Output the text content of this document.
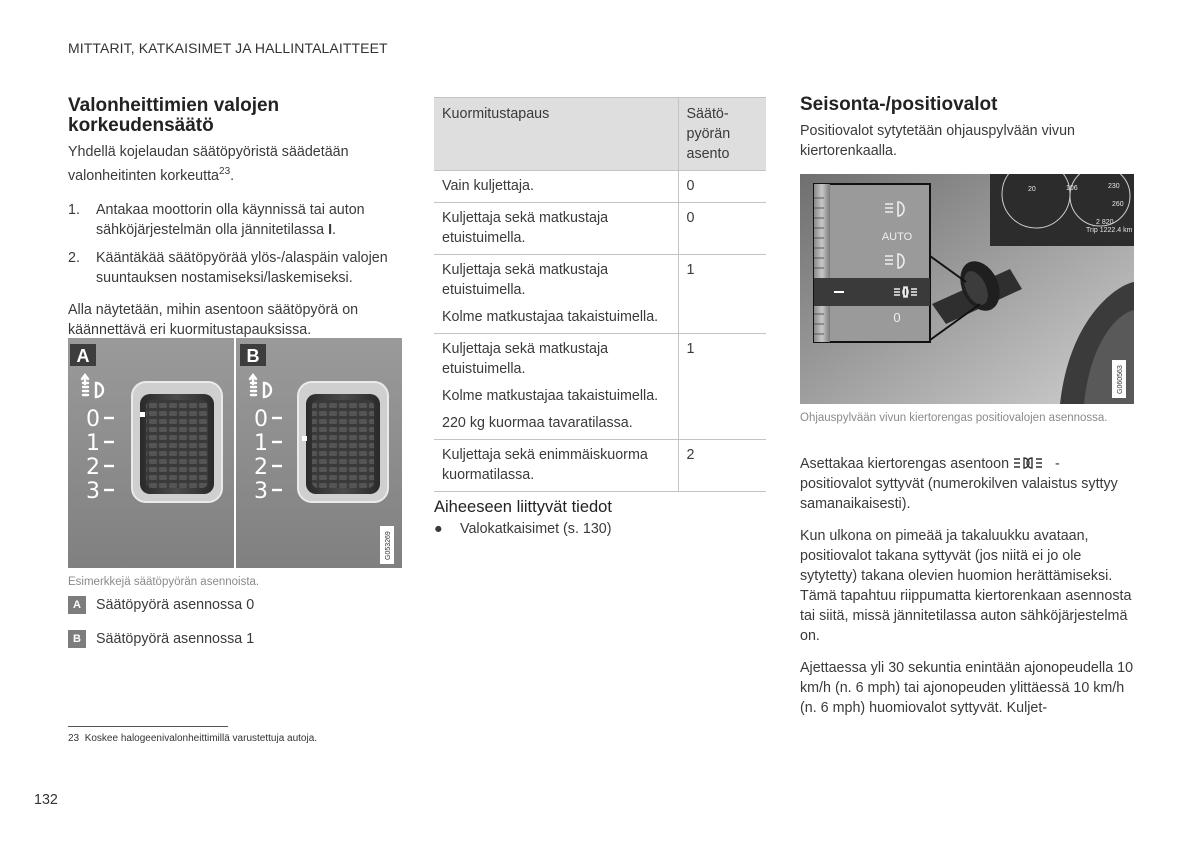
MITTARIT, KATKAISIMET JA HALLINTALAITTEET
Valonheittimien valojen
korkeudensäätö

Yhdellä kojelaudan säätöpyöristä säädetään valonheitinten korkeutta$^{23}$.

1. Antakaa moottorin olla käynnissä tai auton sähköjärjestelmän olla jännitetilassa I.
2. Kääntäkää säätöpyörää ylös-/alaspäin valojen suuntauksen nostamiseksi/laskemiseksi.

Alla näytetään, mihin asentoon säätöpyörä on käännettävä eri kuormitustapauksissa.

A	B
0
1
2
3
0
1
2
3
G053269
Esimerkkejä säätöpyörän asennoista.
A Säätöpyörä asennossa 0
B Säätöpyörä asennossa 1
23 Koskee halogeenivalonheittimillä varustettuja autoja.
132
Kuormitustapaus	Säätö-
pyörän
asento

Vain kuljettaja.	0

Kuljettaja sekä matkustaja etuistuimella.	0

Kuljettaja sekä matkustaja etuistuimella.
Kolme matkustajaa takaistuimella.	1

Kuljettaja sekä matkustaja etuistuimella.
Kolme matkustajaa takaistuimella.
220 kg kuormaa tavaratilassa.	1

Kuljettaja sekä enimmäiskuorma kuormatilassa.	2
Aiheeseen liittyvät tiedot
● Valokatkaisimet (s. 130)
Seisonta-/positiovalot

Positiovalot sytytetään ohjauspylvään vivun kiertorenkaalla.

20	106	230
260
2 820
Trip 1222.4 km
AUTO
0
G060563
Ohjauspylvään vivun kiertorengas positiovalojen asennossa.

Asettakaa kiertorengas asentoon	- positiovalot syttyvät (numerokilven valaistus syttyy samanaikaisesti).

Kun ulkona on pimeää ja takaluukku avataan, positiovalot takana syttyvät (jos niitä ei jo ole sytytetty) takana olevien huomion herättämiseksi. Tämä tapahtuu riippumatta kiertorenkaan asennosta tai siitä, missä jännitetilassa auton sähköjärjestelmä on.

Ajettaessa yli 30 sekuntia enintään ajonopeudella 10 km/h (n. 6 mph) tai ajonopeuden ylittäessä 10 km/h (n. 6 mph) huomiovalot syttyvät. Kuljet-
